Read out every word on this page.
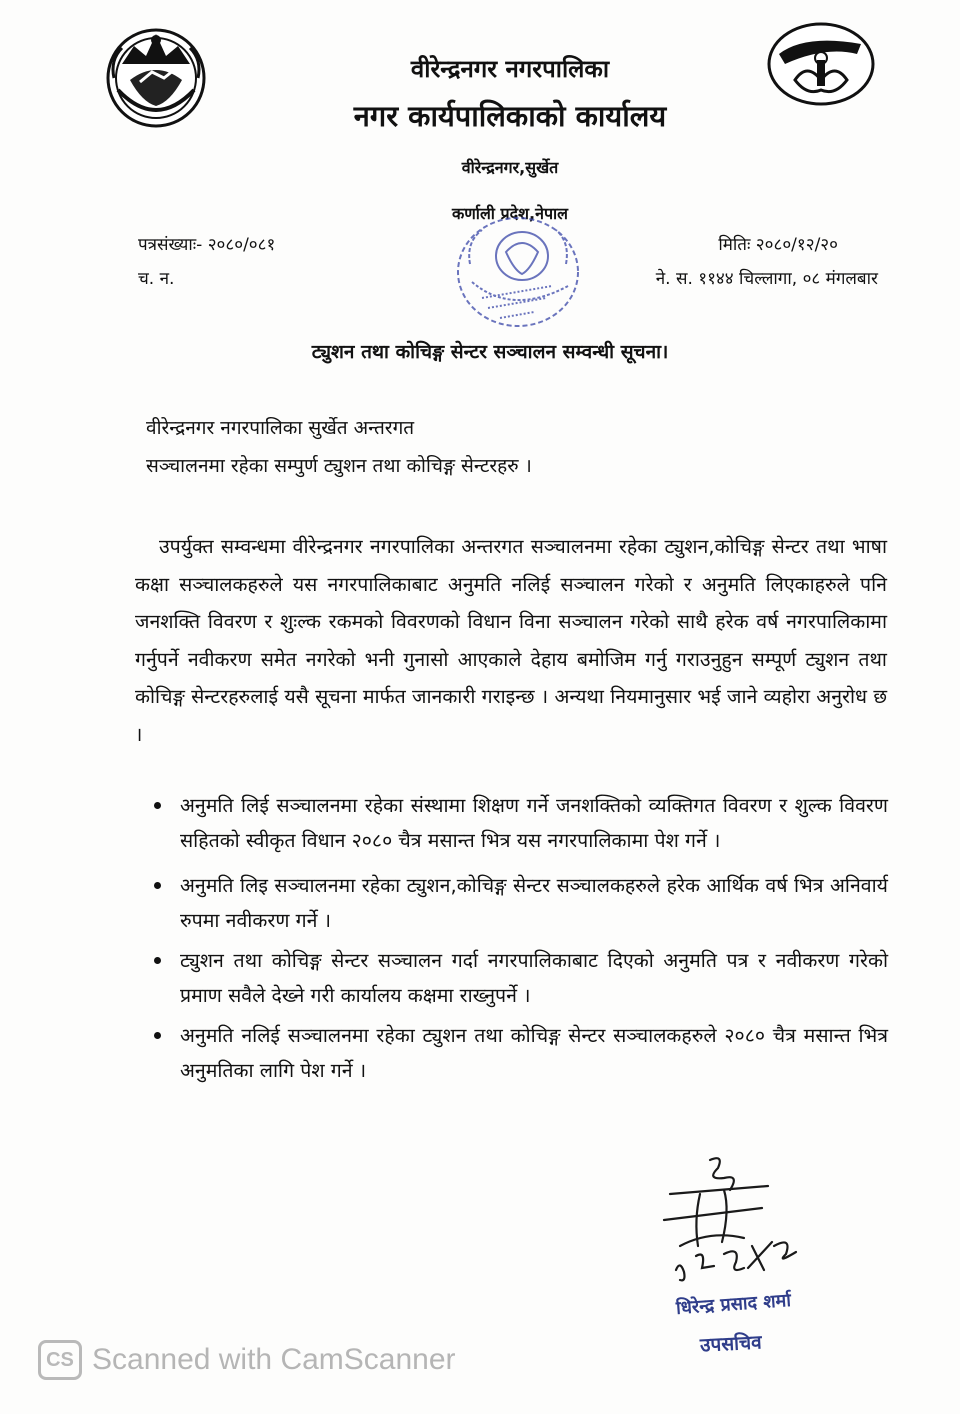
वीरेन्द्रनगर नगरपालिका
नगर कार्यपालिकाको कार्यालय
वीरेन्द्रनगर,सुर्खेत
कर्णाली प्रदेश,नेपाल
पत्रसंख्याः- २०८०/०८१
च. न.
मितिः २०८०/१२/२०
ने. स. ११४४ चिल्लागा, ०८ मंगलबार
ट्युशन तथा कोचिङ्ग सेन्टर सञ्चालन सम्वन्धी सूचना।
वीरेन्द्रनगर नगरपालिका सुर्खेत अन्तरगत
सञ्चालनमा रहेका सम्पुर्ण ट्युशन तथा कोचिङ्ग सेन्टरहरु ।

उपर्युक्त सम्वन्धमा वीरेन्द्रनगर नगरपालिका अन्तरगत सञ्चालनमा रहेका ट्युशन,कोचिङ्ग सेन्टर तथा भाषा कक्षा सञ्चालकहरुले यस नगरपालिकाबाट अनुमति नलिई सञ्चालन गरेको र अनुमति लिएकाहरुले पनि जनशक्ति विवरण र शुःल्क रकमको विवरणको विधान विना सञ्चालन गरेको साथै हरेक वर्ष नगरपालिकामा गर्नुपर्ने नवीकरण समेत नगरेको भनी गुनासो आएकाले देहाय बमोजिम गर्नु गराउनुहुन सम्पूर्ण ट्युशन तथा कोचिङ्ग सेन्टरहरुलाई यसै सूचना मार्फत जानकारी गराइन्छ । अन्यथा नियमानुसार भई जाने व्यहोरा अनुरोध छ ।

अनुमति लिई सञ्चालनमा रहेका संस्थामा शिक्षण गर्ने जनशक्तिको व्यक्तिगत विवरण र शुल्क विवरण सहितको स्वीकृत विधान २०८० चैत्र मसान्त भित्र यस नगरपालिकामा पेश गर्ने ।
अनुमति लिइ सञ्चालनमा रहेका ट्युशन,कोचिङ्ग सेन्टर सञ्चालकहरुले हरेक आर्थिक वर्ष भित्र अनिवार्य रुपमा नवीकरण गर्ने ।
ट्युशन तथा कोचिङ्ग सेन्टर सञ्चालन गर्दा नगरपालिकाबाट दिएको अनुमति पत्र र नवीकरण गरेको प्रमाण सवैले देख्ने गरी कार्यालय कक्षमा राख्नुपर्ने ।
अनुमति नलिई सञ्चालनमा रहेका ट्युशन तथा कोचिङ्ग सेन्टर सञ्चालकहरुले २०८० चैत्र मसान्त भित्र अनुमतिका लागि पेश गर्ने ।
धिरेन्द्र प्रसाद शर्मा
उपसचिव
CS Scanned with CamScanner
